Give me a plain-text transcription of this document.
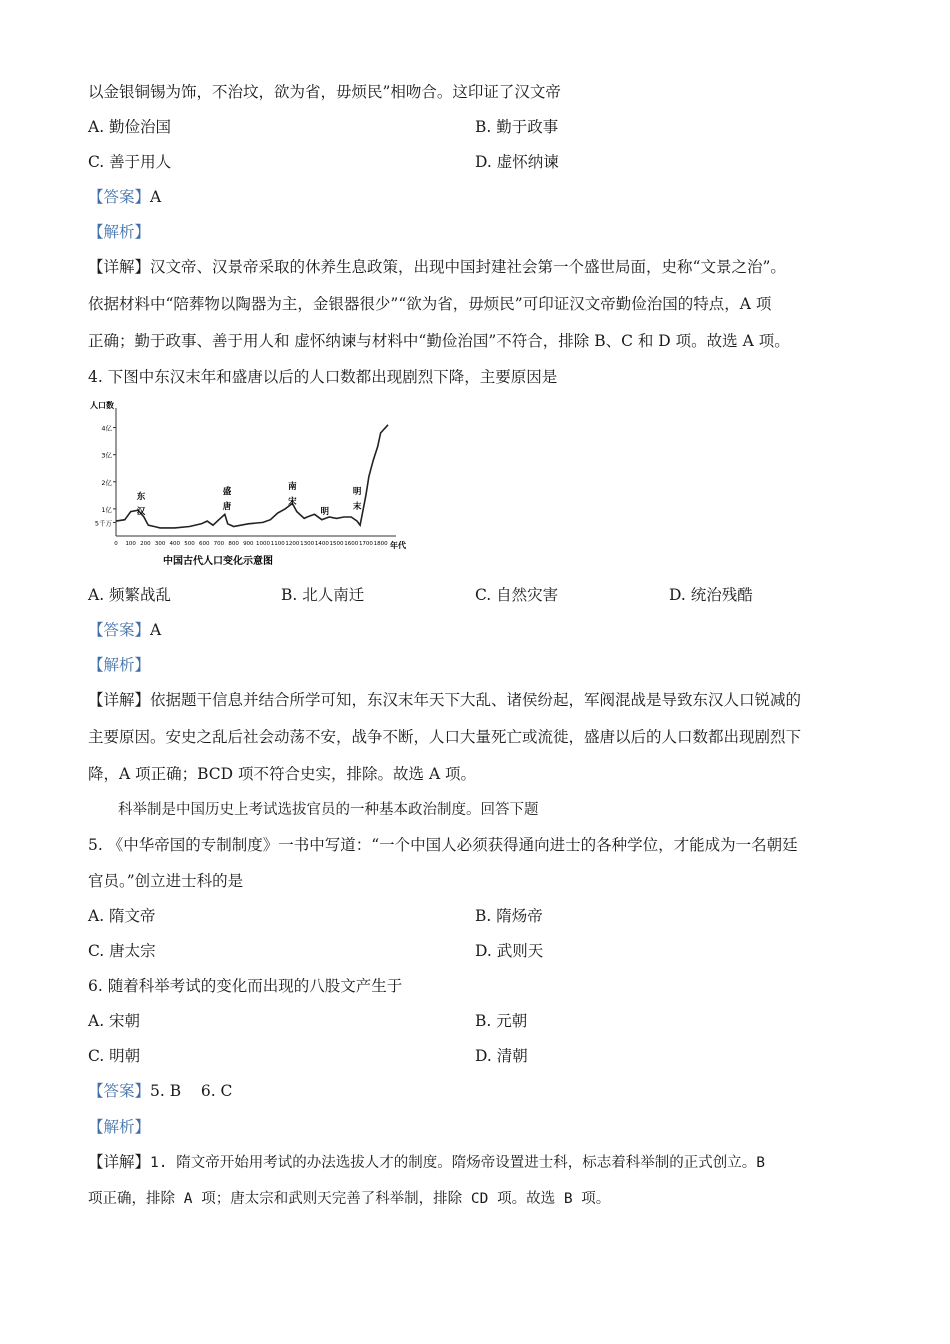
以金银铜锡为饰，不治坟，欲为省，毋烦民”相吻合。这印证了汉文帝
A. 勤俭治国	B. 勤于政事
C. 善于用人	D. 虚怀纳谏
【答案】A
【解析】
【详解】汉文帝、汉景帝采取的休养生息政策，出现中国封建社会第一个盛世局面，史称“文景之治”。
依据材料中“陪葬物以陶器为主，金银器很少”“欲为省，毋烦民”可印证汉文帝勤俭治国的特点，A 项
正确；勤于政事、善于用人和 虚怀纳谏与材料中“勤俭治国”不符合，排除 B、C 和 D 项。故选 A 项。
4. 下图中东汉末年和盛唐以后的人口数都出现剧烈下降，主要原因是
5千万
1亿
2亿
3亿
4亿
0 100 200 300 400 500 600 700 800 900 1000 1100 1200 1300 1400 1500 1600 1700 1800
东
汉
盛
唐
南
宋
明
明
末
人口数
年代
中国古代人口变化示意图
A. 频繁战乱	B. 北人南迁	C. 自然灾害	D. 统治残酷
【答案】A
【解析】
【详解】依据题干信息并结合所学可知，东汉末年天下大乱、诸侯纷起，军阀混战是导致东汉人口锐减的
主要原因。安史之乱后社会动荡不安，战争不断，人口大量死亡或流徙，盛唐以后的人口数都出现剧烈下
降，A 项正确；BCD 项不符合史实，排除。故选 A 项。
科举制是中国历史上考试选拔官员的一种基本政治制度。回答下题
5. 《中华帝国的专制制度》一书中写道：“一个中国人必须获得通向进士的各种学位，才能成为一名朝廷
官员。”创立进士科的是
A. 隋文帝	B. 隋炀帝
C. 唐太宗	D. 武则天
6. 随着科举考试的变化而出现的八股文产生于
A. 宋朝	B. 元朝
C. 明朝	D. 清朝
【答案】5. B    6. C
【解析】
【详解】1. 隋文帝开始用考试的办法选拔人才的制度。隋炀帝设置进士科，标志着科举制的正式创立。B
项正确，排除 A 项；唐太宗和武则天完善了科举制，排除 CD 项。故选 B 项。
